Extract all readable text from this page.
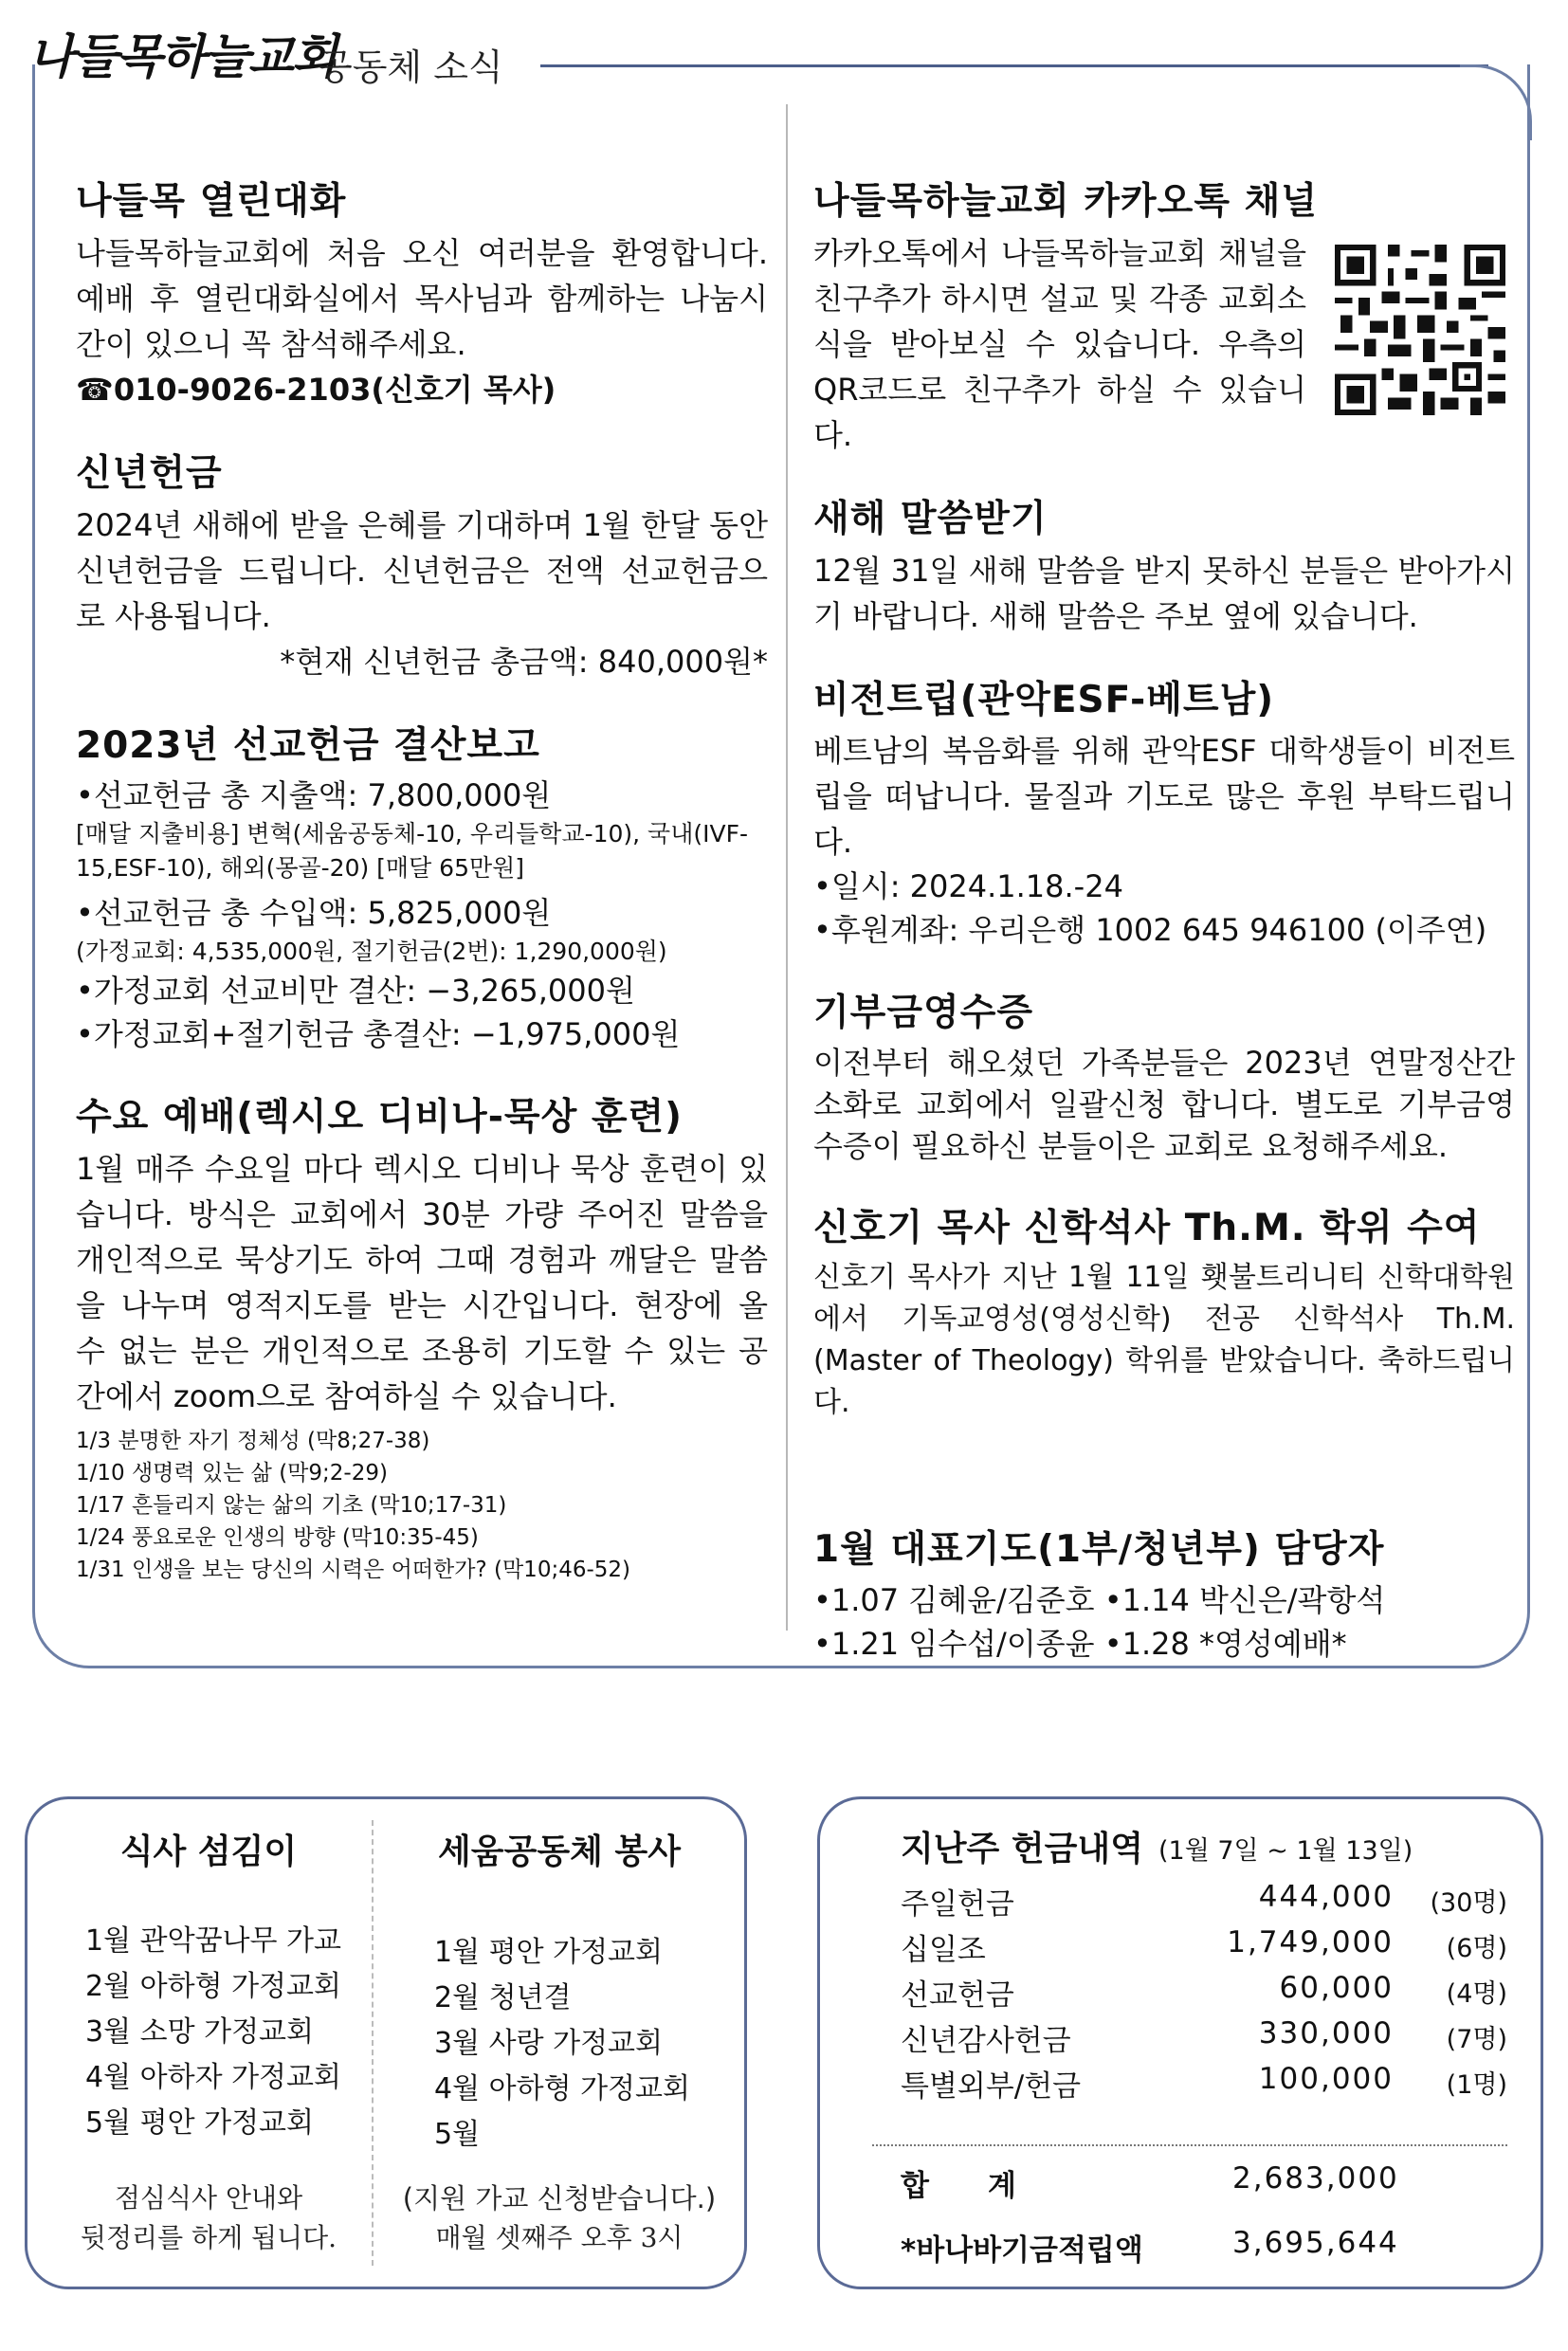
나들목하늘교회
공동체 소식
나들목 열린대화

나들목하늘교회에 처음 오신 여러분을 환영합니다. 예배 후 열린대화실에서 목사님과 함께하는 나눔시간이 있으니 꼭 참석해주세요.

☎010-9026-2103(신호기 목사)
신년헌금

2024년 새해에 받을 은혜를 기대하며 1월 한달 동안 신년헌금을 드립니다. 신년헌금은 전액 선교헌금으로 사용됩니다.

*현재 신년헌금 총금액: 840,000원*

2023년 선교헌금 결산보고
•선교헌금 총 지출액: 7,800,000원
[매달 지출비용] 변혁(세움공동체-10, 우리들학교-10), 국내(IVF-15,ESF-10), 해외(몽골-20) [매달 65만원]
•선교헌금 총 수입액: 5,825,000원
(가정교회: 4,535,000원, 절기헌금(2번): 1,290,000원)
•가정교회 선교비만 결산: −3,265,000원
•가정교회+절기헌금 총결산: −1,975,000원
수요 예배(렉시오 디비나-묵상 훈련)

1월 매주 수요일 마다 렉시오 디비나 묵상 훈련이 있습니다. 방식은 교회에서 30분 가량 주어진 말씀을 개인적으로 묵상기도 하여 그때 경험과 깨달은 말씀을 나누며 영적지도를 받는 시간입니다. 현장에 올 수 없는 분은 개인적으로 조용히 기도할 수 있는 공간에서 zoom으로 참여하실 수 있습니다.

1/3 분명한 자기 정체성 (막8;27-38)
1/10 생명력 있는 삶 (막9;2-29)
1/17 흔들리지 않는 삶의 기초 (막10;17-31)
1/24 풍요로운 인생의 방향 (막10:35-45)
1/31 인생을 보는 당신의 시력은 어떠한가? (막10;46-52)
나들목하늘교회 카카오톡 채널

카카오톡에서 나들목하늘교회 채널을 친구추가 하시면 설교 및 각종 교회소식을 받아보실 수 있습니다. 우측의 QR코드로 친구추가 하실 수 있습니다.

새해 말씀받기

12월 31일 새해 말씀을 받지 못하신 분들은 받아가시기 바랍니다. 새해 말씀은 주보 옆에 있습니다.

비전트립(관악ESF-베트남)

베트남의 복음화를 위해 관악ESF 대학생들이 비전트립을 떠납니다. 물질과 기도로 많은 후원 부탁드립니다.

•일시: 2024.1.18.-24
•후원계좌: 우리은행 1002 645 946100 (이주연)
기부금영수증

이전부터 해오셨던 가족분들은 2023년 연말정산간소화로 교회에서 일괄신청 합니다. 별도로 기부금영수증이 필요하신 분들이은 교회로 요청해주세요.

신호기 목사 신학석사 Th.M. 학위 수여

신호기 목사가 지난 1월 11일 횃불트리니티 신학대학원에서 기독교영성(영성신학) 전공 신학석사 Th.M.(Master of Theology) 학위를 받았습니다. 축하드립니다.

1월 대표기도(1부/청년부) 담당자
•1.07 김혜윤/김준호 •1.14 박신은/곽항석
•1.21 임수섭/이종윤 •1.28 *영성예배*
식사 섬김이
1월 관악꿈나무 가교
2월 아하형 가정교회
3월 소망 가정교회
4월 아하자 가정교회
5월 평안 가정교회
점심식사 안내와
뒷정리를 하게 됩니다.
세움공동체 봉사
1월 평안 가정교회
2월 청년결
3월 사랑 가정교회
4월 아하형 가정교회
5월
(지원 가교 신청받습니다.)
매월 셋째주 오후 3시
지난주 헌금내역 (1월 7일 ~ 1월 13일)
주일헌금	444,000 (30명)
십일조	1,749,000 (6명)
선교헌금	60,000 (4명)
신년감사헌금	330,000 (7명)
특별외부/헌금	100,000 (1명)
합　　계	2,683,000
*바나바기금적립액	3,695,644
